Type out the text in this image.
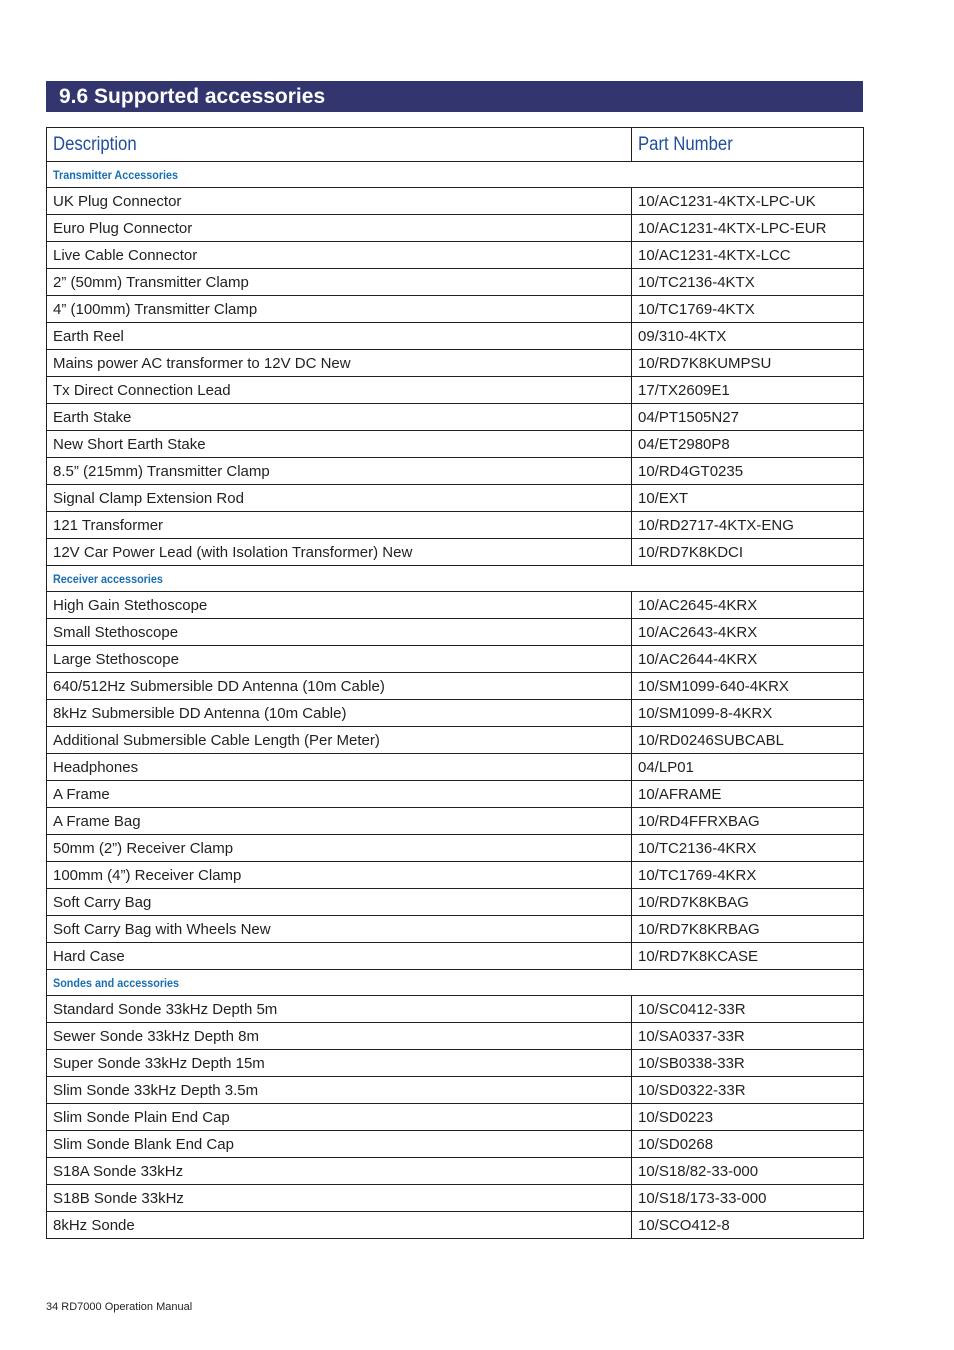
9.6 Supported accessories
Description	Part Number
Transmitter Accessories	
UK Plug Connector	10/AC1231-4KTX-LPC-UK
Euro Plug Connector	10/AC1231-4KTX-LPC-EUR
Live Cable Connector	10/AC1231-4KTX-LCC
2” (50mm) Transmitter Clamp	10/TC2136-4KTX
4” (100mm) Transmitter Clamp	10/TC1769-4KTX
Earth Reel	09/310-4KTX
Mains power AC transformer to 12V DC New	10/RD7K8KUMPSU
Tx Direct Connection Lead	17/TX2609E1
Earth Stake	04/PT1505N27
New Short Earth Stake	04/ET2980P8
8.5” (215mm) Transmitter Clamp	10/RD4GT0235
Signal Clamp Extension Rod	10/EXT
121 Transformer	10/RD2717-4KTX-ENG
12V Car Power Lead (with Isolation Transformer) New	10/RD7K8KDCI
Receiver accessories	
High Gain Stethoscope	10/AC2645-4KRX
Small Stethoscope	10/AC2643-4KRX
Large Stethoscope	10/AC2644-4KRX
640/512Hz Submersible DD Antenna (10m Cable)	10/SM1099-640-4KRX
8kHz Submersible DD Antenna (10m Cable)	10/SM1099-8-4KRX
Additional Submersible Cable Length (Per Meter)	10/RD0246SUBCABL
Headphones	04/LP01
A Frame	10/AFRAME
A Frame Bag	10/RD4FFRXBAG
50mm (2”) Receiver Clamp	10/TC2136-4KRX
100mm (4”) Receiver Clamp	10/TC1769-4KRX
Soft Carry Bag	10/RD7K8KBAG
Soft Carry Bag with Wheels New	10/RD7K8KRBAG
Hard Case	10/RD7K8KCASE
Sondes and accessories	
Standard Sonde 33kHz Depth 5m	10/SC0412-33R
Sewer Sonde 33kHz Depth 8m	10/SA0337-33R
Super Sonde 33kHz Depth 15m	10/SB0338-33R
Slim Sonde 33kHz Depth 3.5m	10/SD0322-33R
Slim Sonde Plain End Cap	10/SD0223
Slim Sonde Blank End Cap	10/SD0268
S18A Sonde 33kHz	10/S18/82-33-000
S18B Sonde 33kHz	10/S18/173-33-000
8kHz Sonde	10/SCO412-8
34 RD7000 Operation Manual
